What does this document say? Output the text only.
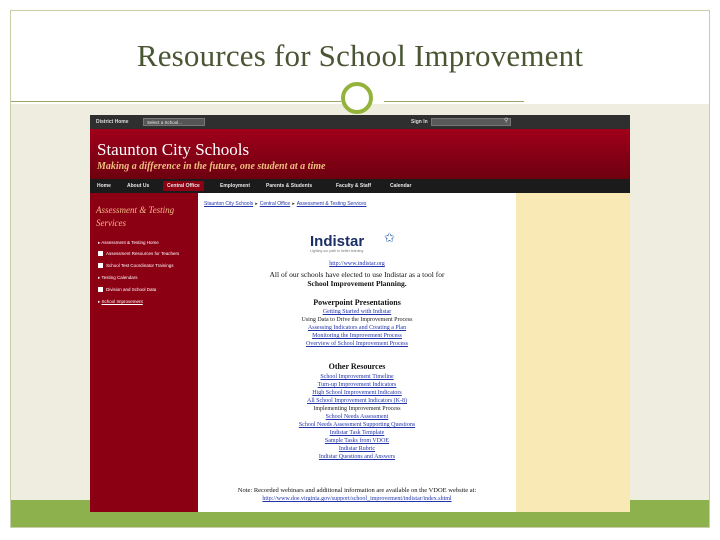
Resources for School Improvement
District Home	Select a School...	Sign In	⚲
Staunton City Schools
Making a difference in the future, one student at a time
Home	About Us	Central Office	Employment	Parents & Students	Faculty & Staff	Calendar
Assessment & Testing Services
▸ Assessment & Testing Home
Assessment Resources for Teachers
School Test Coordinator Trainings
▸ Testing Calendars
Division and School Data
▸ School Improvement
Staunton City Schools ▸ Central Office ▸ Assessment & Testing Services
Indistar ✩
Lighting our path to better learning
http://www.indistar.org
All of our schools have elected to use Indistar as a tool for
School Improvement Planning.
Powerpoint Presentations
Getting Started with Indistar
Using Data to Drive the Improvement Process
Assessing Indicators and Creating a Plan
Monitoring the Improvement Process
Overview of School Improvement Process
Other Resources
School Improvement Timeline
Turn-up Improvement Indicators
High School Improvement Indicators
All School Improvement Indicators (K-8)
Implementing Improvement Process
School Needs Assessment
School Needs Assessment Supporting Questions
Indistar Task Template
Sample Tasks from VDOE
Indistar Rubric
Indistar Questions and Answers
Note: Recorded webinars and additional information are available on the VDOE website at:
http://www.doe.virginia.gov/support/school_improvement/indistar/index.shtml
